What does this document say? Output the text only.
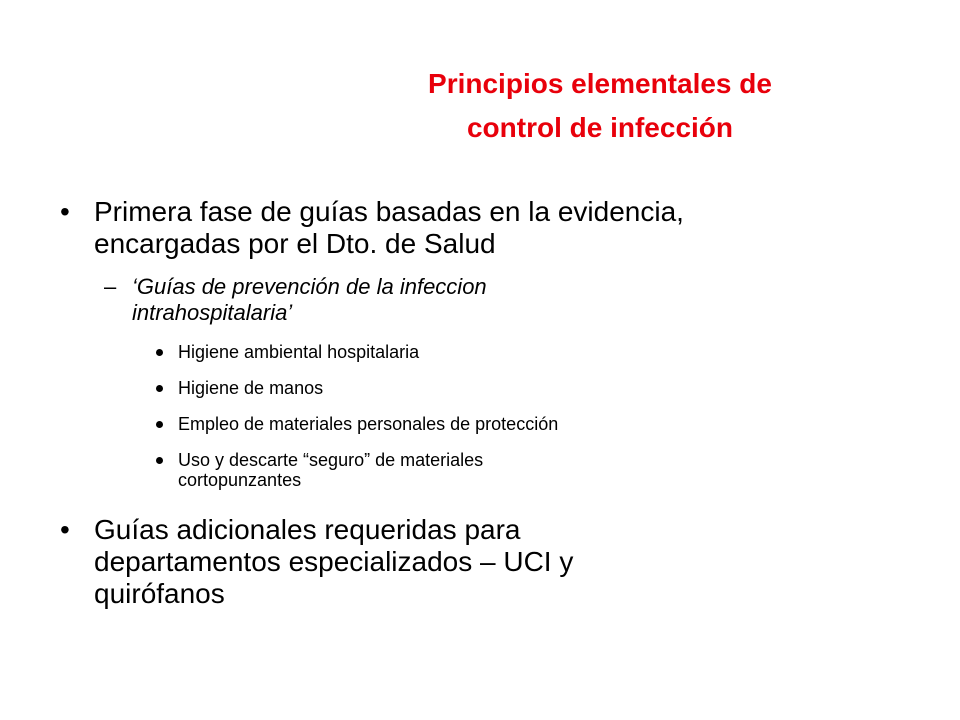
Principios elementales de
control de infección
• Primera fase de guías basadas en la evidencia,
encargadas por el Dto. de Salud
– ‘Guías de prevención de la infeccion
intrahospitalaria’
Higiene ambiental hospitalaria
Higiene de manos
Empleo de materiales personales de protección
Uso y descarte “seguro” de materiales
cortopunzantes
• Guías adicionales requeridas para
departamentos especializados – UCI y
quirófanos
